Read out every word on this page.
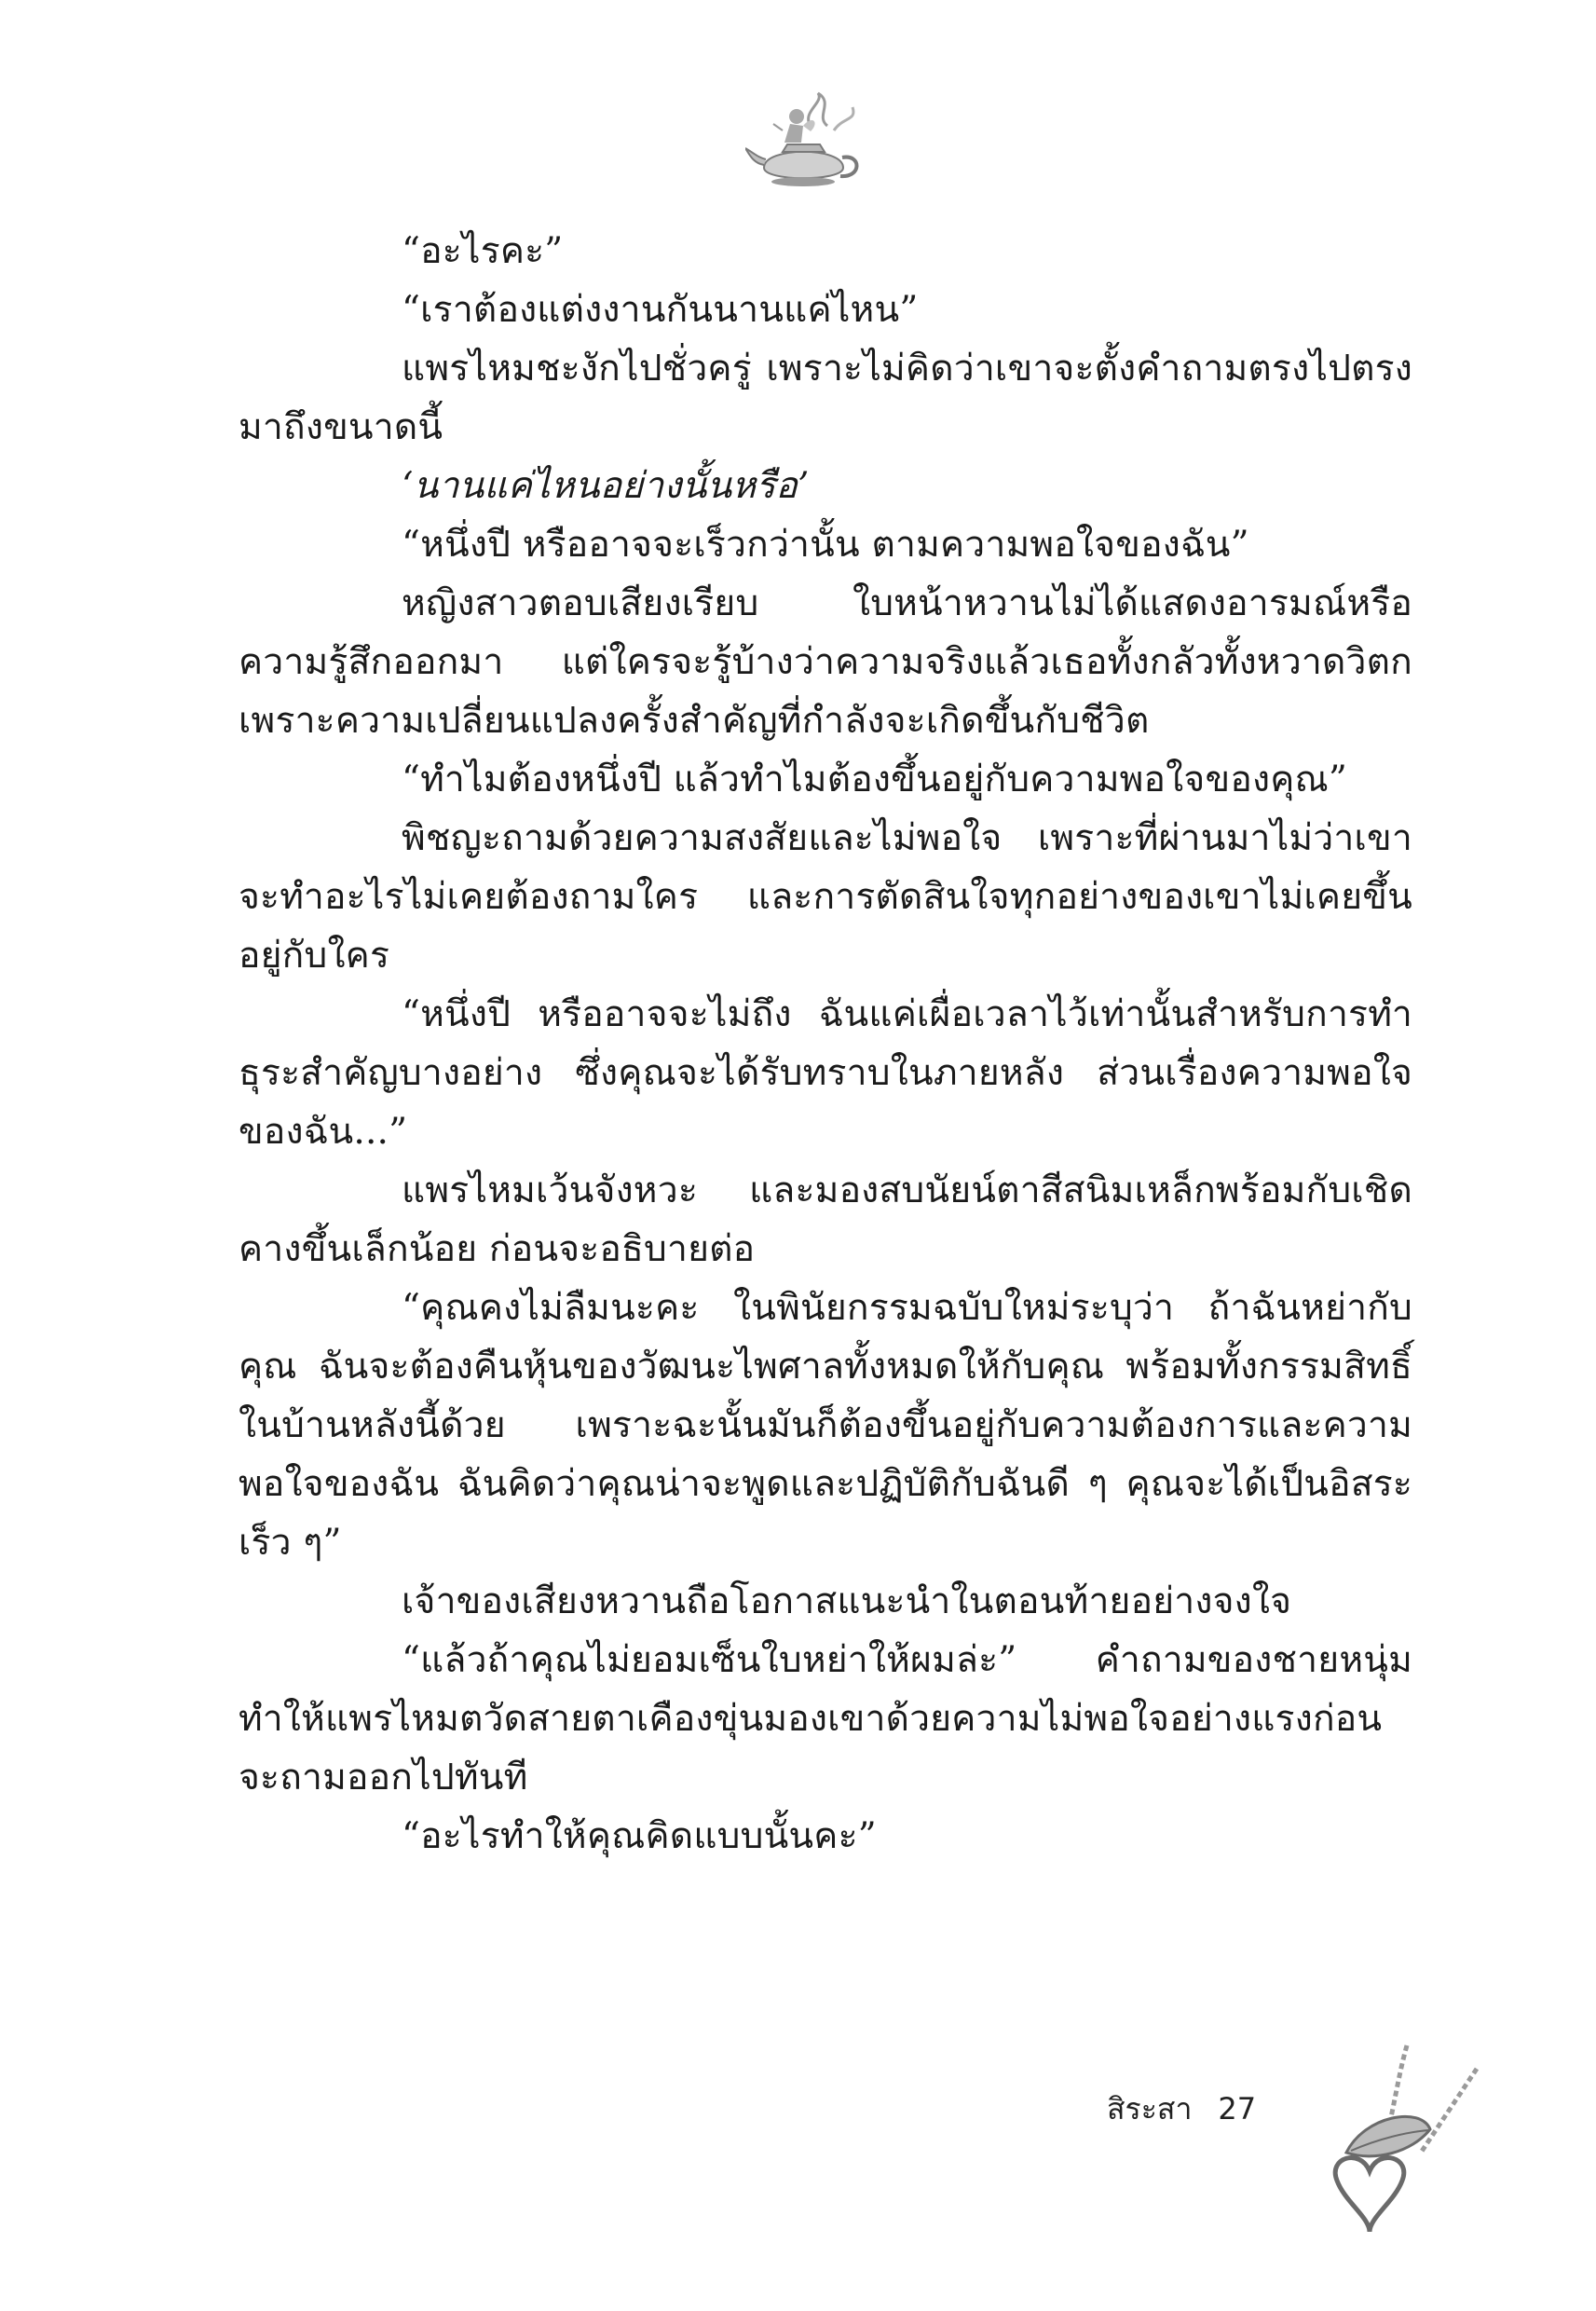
“อะไรคะ”

“เราต้องแต่งงานกันนานแค่ไหน”

แพรไหมชะงักไปชั่วครู่ เพราะไม่คิดว่าเขาจะตั้งคำถามตรงไปตรงมาถึงขนาดนี้

‘นานแค่ไหนอย่างนั้นหรือ’

“หนึ่งปี หรืออาจจะเร็วกว่านั้น ตามความพอใจของฉัน”

หญิงสาวตอบเสียงเรียบ ใบหน้าหวานไม่ได้แสดงอารมณ์หรือความรู้สึกออกมา แต่ใครจะรู้บ้างว่าความจริงแล้วเธอทั้งกลัวทั้งหวาดวิตกเพราะความเปลี่ยนแปลงครั้งสำคัญที่กำลังจะเกิดขึ้นกับชีวิต

“ทำไมต้องหนึ่งปี แล้วทำไมต้องขึ้นอยู่กับความพอใจของคุณ”

พิชญะถามด้วยความสงสัยและไม่พอใจ เพราะที่ผ่านมาไม่ว่าเขาจะทำอะไรไม่เคยต้องถามใคร และการตัดสินใจทุกอย่างของเขาไม่เคยขึ้นอยู่กับใคร

“หนึ่งปี หรืออาจจะไม่ถึง ฉันแค่เผื่อเวลาไว้เท่านั้นสำหรับการทำธุระสำคัญบางอย่าง ซึ่งคุณจะได้รับทราบในภายหลัง ส่วนเรื่องความพอใจของฉัน...”

แพรไหมเว้นจังหวะ และมองสบนัยน์ตาสีสนิมเหล็กพร้อมกับเชิดคางขึ้นเล็กน้อย ก่อนจะอธิบายต่อ

“คุณคงไม่ลืมนะคะ ในพินัยกรรมฉบับใหม่ระบุว่า ถ้าฉันหย่ากับคุณ ฉันจะต้องคืนหุ้นของวัฒนะไพศาลทั้งหมดให้กับคุณ พร้อมทั้งกรรมสิทธิ์ในบ้านหลังนี้ด้วย เพราะฉะนั้นมันก็ต้องขึ้นอยู่กับความต้องการและความพอใจของฉัน ฉันคิดว่าคุณน่าจะพูดและปฏิบัติกับฉันดี ๆ คุณจะได้เป็นอิสระเร็ว ๆ”

เจ้าของเสียงหวานถือโอกาสแนะนำในตอนท้ายอย่างจงใจ

“แล้วถ้าคุณไม่ยอมเซ็นใบหย่าให้ผมล่ะ” คำถามของชายหนุ่มทำให้แพรไหมตวัดสายตาเคืองขุ่นมองเขาด้วยความไม่พอใจอย่างแรงก่อนจะถามออกไปทันที

“อะไรทำให้คุณคิดแบบนั้นคะ”

สิระสา 27
